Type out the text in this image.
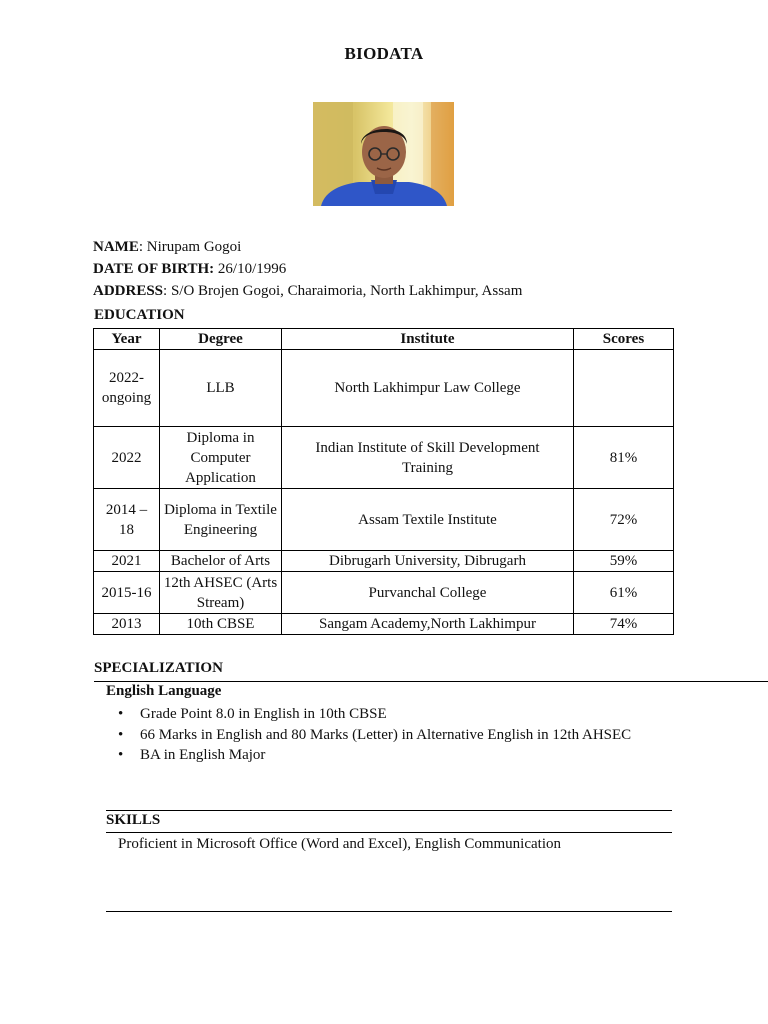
BIODATA
NAME: Nirupam Gogoi
DATE OF BIRTH: 26/10/1996
ADDRESS: S/O Brojen Gogoi, Charaimoria, North Lakhimpur, Assam
EDUCATION
Year	Degree	Institute	Scores
2022-ongoing	LLB	North Lakhimpur Law College	
2022	Diploma in Computer Application	Indian Institute of Skill Development Training	81%
2014 – 18	Diploma in Textile Engineering	Assam Textile Institute	72%
2021	Bachelor of Arts	Dibrugarh University, Dibrugarh	59%
2015-16	12th AHSEC (Arts Stream)	Purvanchal College	61%
2013	10th CBSE	Sangam Academy,North Lakhimpur	74%
SPECIALIZATION
English Language
• Grade Point 8.0 in English in 10th CBSE
• 66 Marks in English and 80 Marks (Letter) in Alternative English in 12th AHSEC
• BA in English Major
SKILLS
Proficient in Microsoft Office (Word and Excel), English Communication
